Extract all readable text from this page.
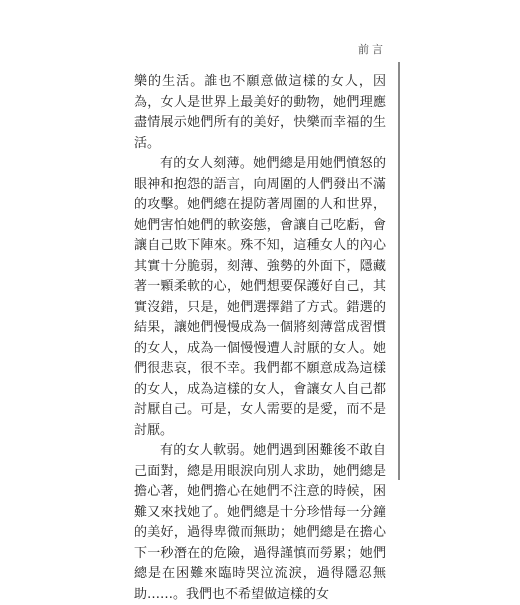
前言

樂的生活。誰也不願意做這樣的女人，因為，女人是世界上最美好的動物，她們理應盡情展示她們所有的美好，快樂而幸福的生活。

有的女人刻薄。她們總是用她們憤怒的眼神和抱怨的語言，向周圍的人們發出不滿的攻擊。她們總在提防著周圍的人和世界，她們害怕她們的軟姿態，會讓自己吃虧，會讓自己敗下陣來。殊不知，這種女人的內心其實十分脆弱，刻薄、強勢的外面下，隱藏著一顆柔軟的心，她們想要保護好自己，其實沒錯，只是，她們選擇錯了方式。錯選的結果，讓她們慢慢成為一個將刻薄當成習慣的女人，成為一個慢慢遭人討厭的女人。她們很悲哀，很不幸。我們都不願意成為這樣的女人，成為這樣的女人，會讓女人自己都討厭自己。可是，女人需要的是愛，而不是討厭。

有的女人軟弱。她們遇到困難後不敢自己面對，總是用眼淚向別人求助，她們總是擔心著，她們擔心在她們不注意的時候，困難又來找她了。她們總是十分珍惜每一分鐘的美好，過得卑微而無助；她們總是在擔心下一秒潛在的危險，過得謹慎而勞累；她們總是在困難來臨時哭泣流淚，過得隱忍無助……。我們也不希望做這樣的女
